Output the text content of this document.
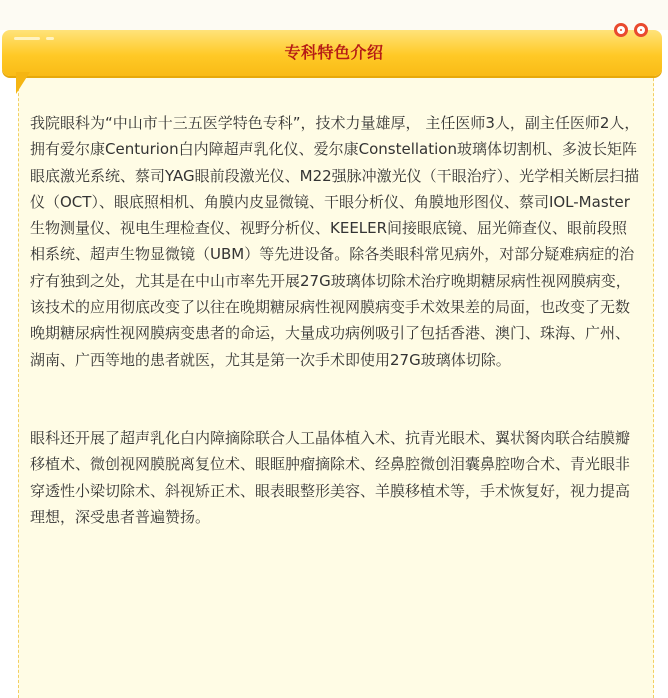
专科特色介绍

我院眼科为“中山市十三五医学特色专科”，技术力量雄厚， 主任医师3人，副主任医师2人，拥有爱尔康Centurion白内障超声乳化仪、爱尔康Constellation玻璃体切割机、多波长矩阵眼底激光系统、蔡司YAG眼前段激光仪、M22强脉冲激光仪（干眼治疗）、光学相关断层扫描仪（OCT）、眼底照相机、角膜内皮显微镜、干眼分析仪、角膜地形图仪、蔡司IOL-Master生物测量仪、视电生理检查仪、视野分析仪、KEELER间接眼底镜、屈光筛查仪、眼前段照相系统、超声生物显微镜（UBM）等先进设备。除各类眼科常见病外，对部分疑难病症的治疗有独到之处，尤其是在中山市率先开展27G玻璃体切除术治疗晚期糖尿病性视网膜病变，该技术的应用彻底改变了以往在晚期糖尿病性视网膜病变手术效果差的局面，也改变了无数晚期糖尿病性视网膜病变患者的命运，大量成功病例吸引了包括香港、澳门、珠海、广州、湖南、广西等地的患者就医，尤其是第一次手术即使用27G玻璃体切除。

眼科还开展了超声乳化白内障摘除联合人工晶体植入术、抗青光眼术、翼状胬肉联合结膜瓣移植术、微创视网膜脱离复位术、眼眶肿瘤摘除术、经鼻腔微创泪囊鼻腔吻合术、青光眼非穿透性小梁切除术、斜视矫正术、眼表眼整形美容、羊膜移植术等，手术恢复好，视力提高理想，深受患者普遍赞扬。
